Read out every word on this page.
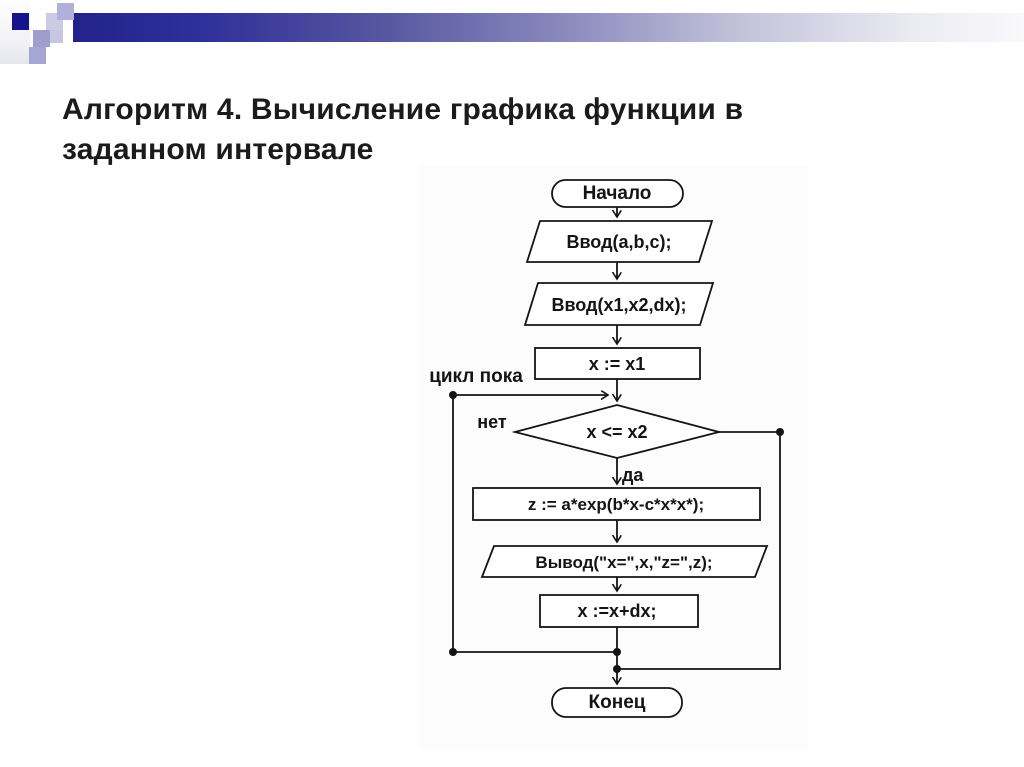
Алгоритм 4. Вычисление графика функции в
заданном интервале
Начало
Ввод(a,b,c);
Ввод(x1,x2,dx);
x := x1
x <= x2
z := a*exp(b*x-c*x*x*);
Вывод("x=",x,"z=",z);
x :=x+dx;
Конец
цикл пока
нет
да
